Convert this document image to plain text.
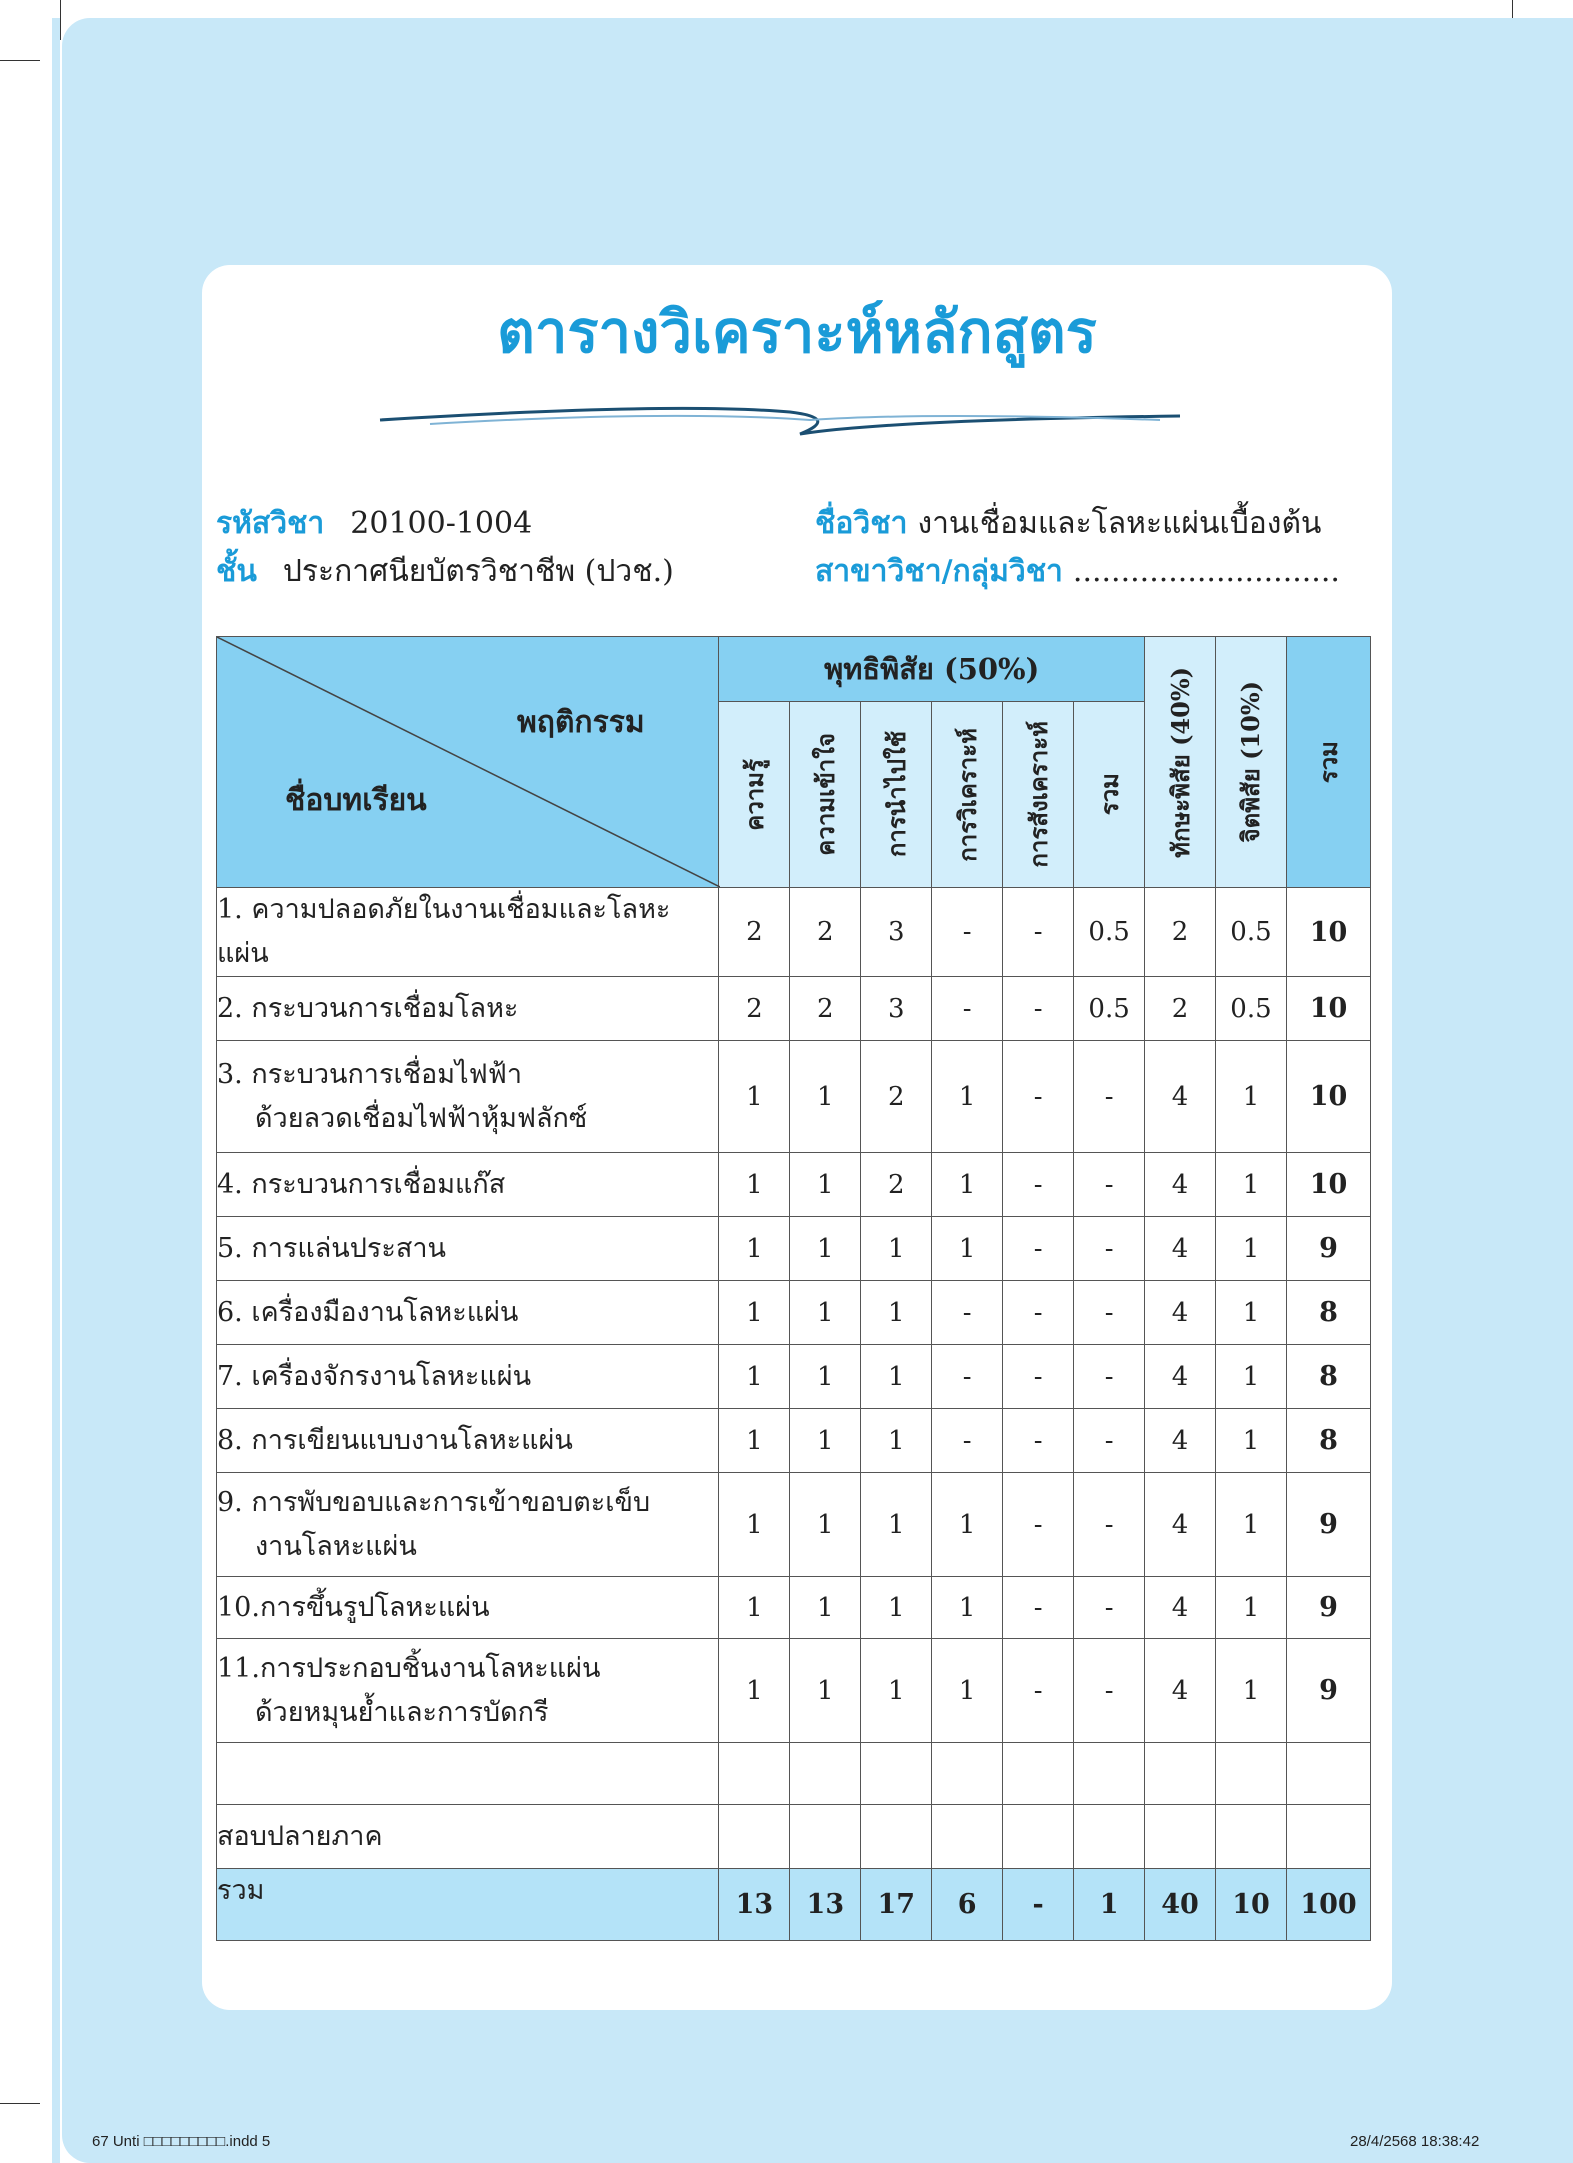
ตารางวิเคราะห์หลักสูตร
รหัสวิชา 20100-1004
ชั้น ประกาศนียบัตรวิชาชีพ (ปวช.)
ชื่อวิชา งานเชื่อมและโลหะแผ่นเบื้องต้น
สาขาวิชา/กลุ่มวิชา ............................
พฤติกรรม
ชื่อบทเรียน	พุทธิพิสัย (50%)						ทักษะพิสัย (40%)	จิตพิสัย (10%)	รวม

	ความรู้	ความเข้าใจ	การนำไปใช้	การวิเคราะห์	การสังเคราะห์	รวม			

1. ความปลอดภัยในงานเชื่อมและโลหะแผ่น	2	2	3	-	-	0.5	2	0.5	10

2. กระบวนการเชื่อมโลหะ	2	2	3	-	-	0.5	2	0.5	10

3. กระบวนการเชื่อมไฟฟ้า
ด้วยลวดเชื่อมไฟฟ้าหุ้มฟลักซ์	1	1	2	1	-	-	4	1	10

4. กระบวนการเชื่อมแก๊ส	1	1	2	1	-	-	4	1	10

5. การแล่นประสาน	1	1	1	1	-	-	4	1	9

6. เครื่องมืองานโลหะแผ่น	1	1	1	-	-	-	4	1	8

7. เครื่องจักรงานโลหะแผ่น	1	1	1	-	-	-	4	1	8

8. การเขียนแบบงานโลหะแผ่น	1	1	1	-	-	-	4	1	8

9. การพับขอบและการเข้าขอบตะเข็บ
งานโลหะแผ่น	1	1	1	1	-	-	4	1	9

10.การขึ้นรูปโลหะแผ่น	1	1	1	1	-	-	4	1	9

11.การประกอบชิ้นงานโลหะแผ่น
ด้วยหมุนย้ำและการบัดกรี	1	1	1	1	-	-	4	1	9

สอบปลายภาค									

รวม	13	13	17	6	-	1	40	10	100
67 Unti □□□□□□□□□.indd 5	28/4/2568 18:38:42
